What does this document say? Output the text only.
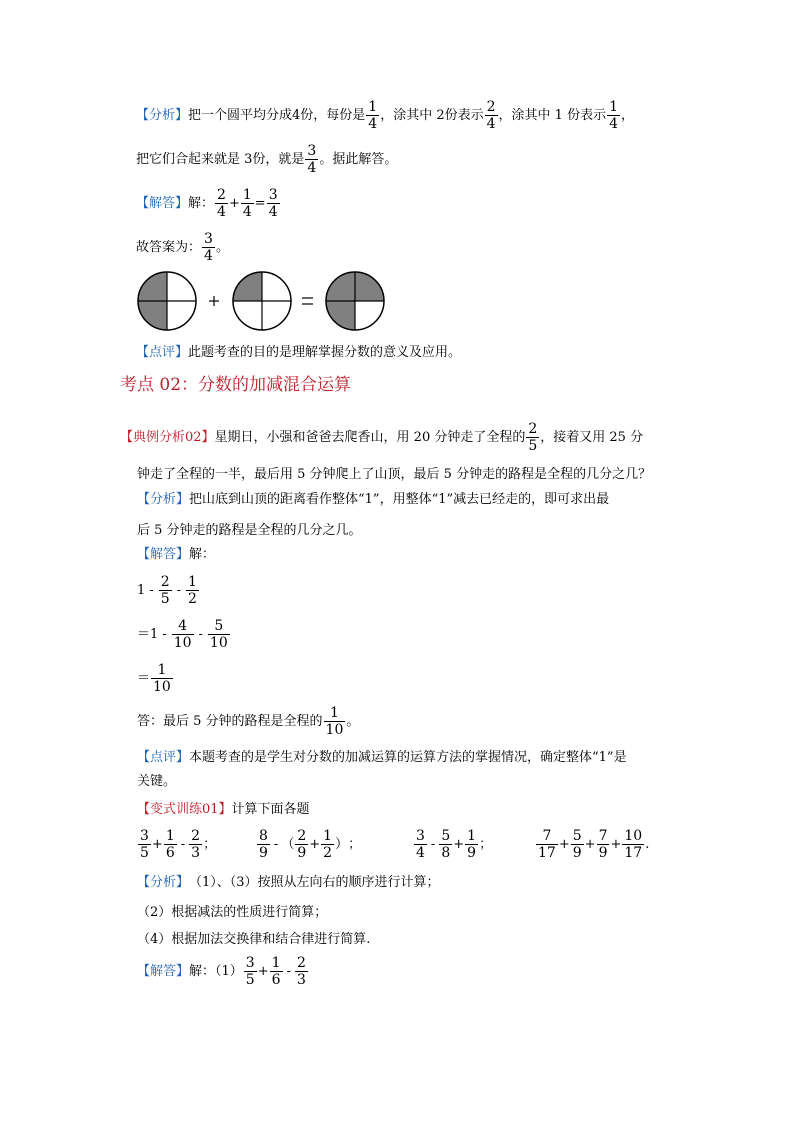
【分析】 把一个圆平均分成4份，每份是 $\frac{1}{4}$ ，涂其中 2份表示 $\frac{2}{4}$ ，涂其中 1 份表示 $\frac{1}{4}$ ，
把它们合起来就是 3份，就是 $\frac{3}{4}$ 。据此解答。
【解答】 解： $\frac{2}{4} + \frac{1}{4} = \frac{3}{4}$
故答案为： $\frac{3}{4}$ 。
【点评】 此题考查的目的是理解掌握分数的意义及应用。
考点 02：分数的加减混合运算
【典例分析02】 星期日，小强和爸爸去爬香山，用 20 分钟走了全程的 $\frac{2}{5}$ ，接着又用 25 分
钟走了全程的一半，最后用 5 分钟爬上了山顶，最后 5 分钟走的路程是全程的几分之几？
【分析】 把山底到山顶的距离看作整体“1”，用整体“1”减去已经走的，即可求出最
后 5 分钟走的路程是全程的几分之几。
【解答】 解：
$1 - \frac{2}{5} - \frac{1}{2}$
$=1 - \frac{4}{10} - \frac{5}{10}$
＝ $\frac{1}{10}$
答：最后 5 分钟的路程是全程的 $\frac{1}{10}$ 。
【点评】 本题考查的是学生对分数的加减运算的运算方法的掌握情况，确定整体“1”是
关键。
【变式训练01】 计算下面各题
$\frac{3}{5} + \frac{1}{6} - \frac{2}{3}$ ；	$\frac{8}{9}$ - （ $\frac{2}{9} + \frac{1}{2}$ ） ；	$\frac{3}{4} - \frac{5}{8} + \frac{1}{9}$ ；	$\frac{7}{17} + \frac{5}{9} + \frac{7}{9} + \frac{10}{17}$ .
【分析】 （1）、（3）按照从左向右的顺序进行计算；
（2）根据减法的性质进行简算；
（4）根据加法交换律和结合律进行简算.
【解答】 解：$(1) \frac{3}{5} + \frac{1}{6} - \frac{2}{3}$
